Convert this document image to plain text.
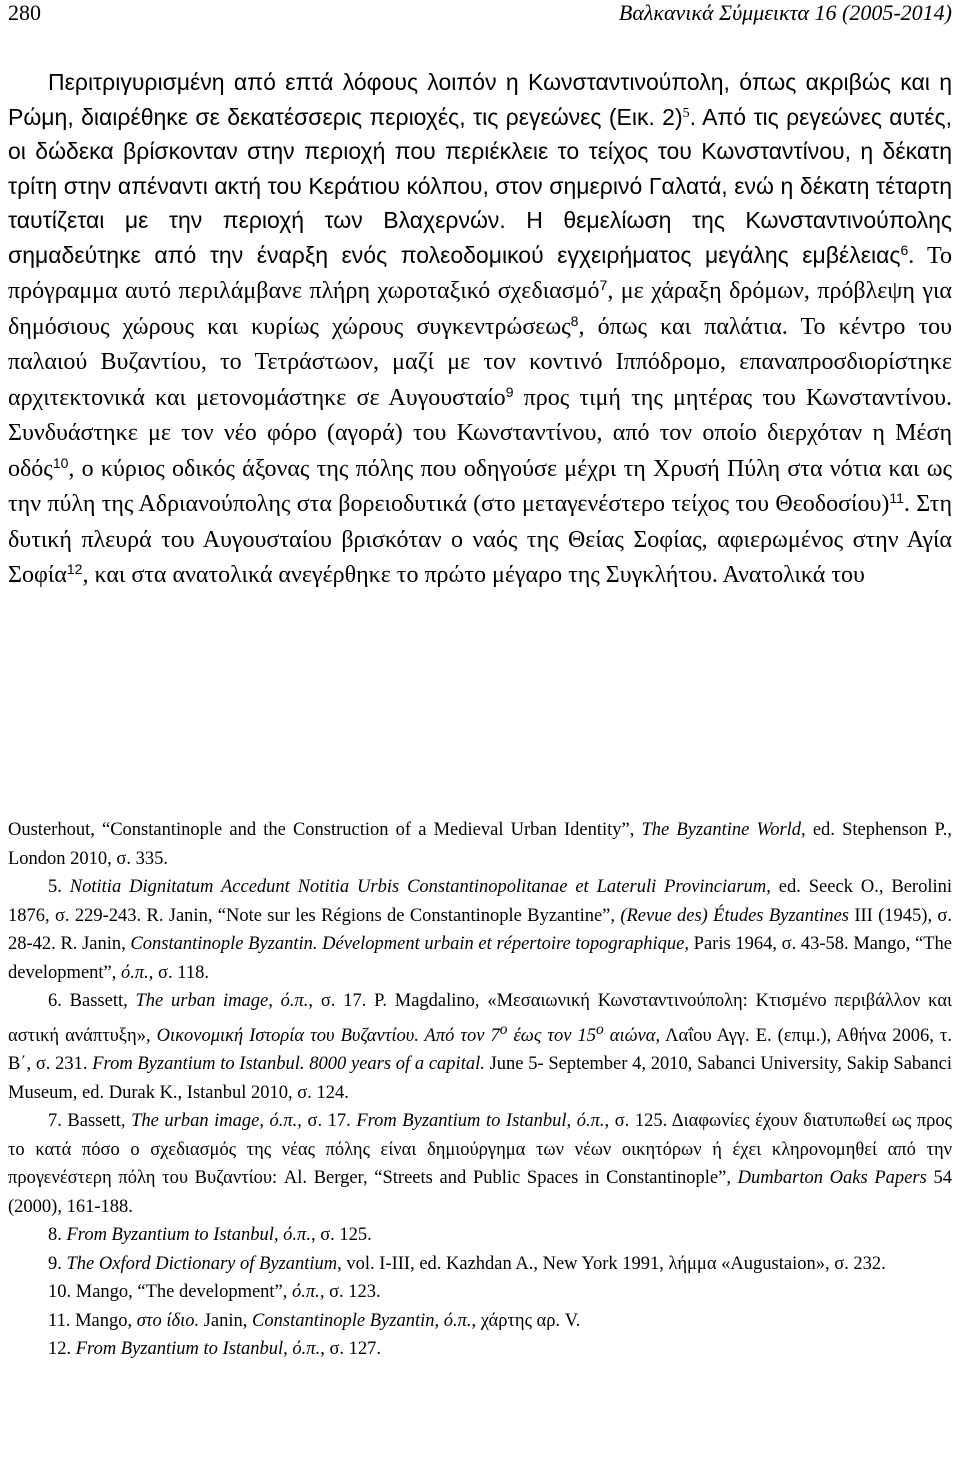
280	Βαλκανικά Σύμμεικτα 16 (2005-2014)

Περιτριγυρισμένη από επτά λόφους λοιπόν η Κωνσταντινούπολη, όπως ακριβώς και η Ρώμη, διαιρέθηκε σε δεκατέσσερις περιοχές, τις ρεγεώνες (Εικ. 2)$^5$. Από τις ρεγεώνες αυτές, οι δώδεκα βρίσκονταν στην περιοχή που περιέκλειε το τείχος του Κωνσταντίνου, η δέκατη τρίτη στην απέναντι ακτή του Κεράτιου κόλπου, στον σημερινό Γαλατά, ενώ η δέκατη τέταρτη ταυτίζεται με την περιοχή των Βλαχερνών. Η θεμελίωση της Κωνσταντινούπολης σημαδεύτηκε από την έναρξη ενός πολεοδομικού εγχειρήματος μεγάλης εμβέλειας$^6$. Το πρόγραμμα αυτό περιλάμβανε πλήρη χωροταξικό σχεδιασμό$^7$, με χάραξη δρόμων, πρόβλεψη για δημόσιους χώρους και κυρίως χώρους συγκεντρώσεως$^8$, όπως και παλάτια. Το κέντρο του παλαιού Βυζαντίου, το Τετράστωον, μαζί με τον κοντινό Ιππόδρομο, επαναπροσδιορίστηκε αρχιτεκτονικά και μετονομάστηκε σε Αυγουσταίο$^9$ προς τιμή της μητέρας του Κωνσταντίνου. Συνδυάστηκε με τον νέο φόρο (αγορά) του Κωνσταντίνου, από τον οποίο διερχόταν η Μέση οδός$^{10}$, ο κύριος οδικός άξονας της πόλης που οδηγούσε μέχρι τη Χρυσή Πύλη στα νότια και ως την πύλη της Αδριανούπολης στα βορειοδυτικά (στο μεταγενέστερο τείχος του Θεοδοσίου)$^{11}$. Στη δυτική πλευρά του Αυγουσταίου βρισκόταν ο ναός της Θείας Σοφίας, αφιερωμένος στην Αγία Σοφία$^{12}$, και στα ανατολικά ανεγέρθηκε το πρώτο μέγαρο της Συγκλήτου. Ανατολικά του

Ousterhout, “Constantinople and the Construction of a Medieval Urban Identity”, The Byzantine World, ed. Stephenson P., London 2010, σ. 335.

5. Notitia Dignitatum Accedunt Notitia Urbis Constantinopolitanae et Lateruli Provinciarum, ed. Seeck O., Berolini 1876, σ. 229-243. R. Janin, “Note sur les Régions de Constantinople Byzantine”, (Revue des) Études Byzantines III (1945), σ. 28-42. R. Janin, Constantinople Byzantin. Dévelopment urbain et répertoire topographique, Paris 1964, σ. 43-58. Mango, “The development”, ό.π., σ. 118.

6. Bassett, The urban image, ό.π., σ. 17. P. Magdalino, «Μεσαιωνική Κωνσταντινούπολη: Κτισμένο περιβάλλον και αστική ανάπτυξη», Οικονομική Ιστορία του Βυζαντίου. Από τον $7^o$ έως τον $15^o$ αιώνα, Λαΐου Αγγ. Ε. (επιμ.), Αθήνα 2006, τ. Β΄, σ. 231. From Byzantium to Istanbul. 8000 years of a capital. June 5- September 4, 2010, Sabanci University, Sakip Sabanci Museum, ed. Durak K., Istanbul 2010, σ. 124.

7. Bassett, The urban image, ό.π., σ. 17. From Byzantium to Istanbul, ό.π., σ. 125. Διαφωνίες έχουν διατυπωθεί ως προς το κατά πόσο ο σχεδιασμός της νέας πόλης είναι δημιούργημα των νέων οικητόρων ή έχει κληρονομηθεί από την προγενέστερη πόλη του Βυζαντίου: Al. Berger, “Streets and Public Spaces in Constantinople”, Dumbarton Oaks Papers 54 (2000), 161-188.

8. From Byzantium to Istanbul, ό.π., σ. 125.

9. The Oxford Dictionary of Byzantium, vol. I-III, ed. Kazhdan A., New York 1991, λήμμα «Augustaion», σ. 232.

10. Mango, “The development”, ό.π., σ. 123.

11. Mango, στο ίδιο. Janin, Constantinople Byzantin, ό.π., χάρτης αρ. V.

12. From Byzantium to Istanbul, ό.π., σ. 127.
